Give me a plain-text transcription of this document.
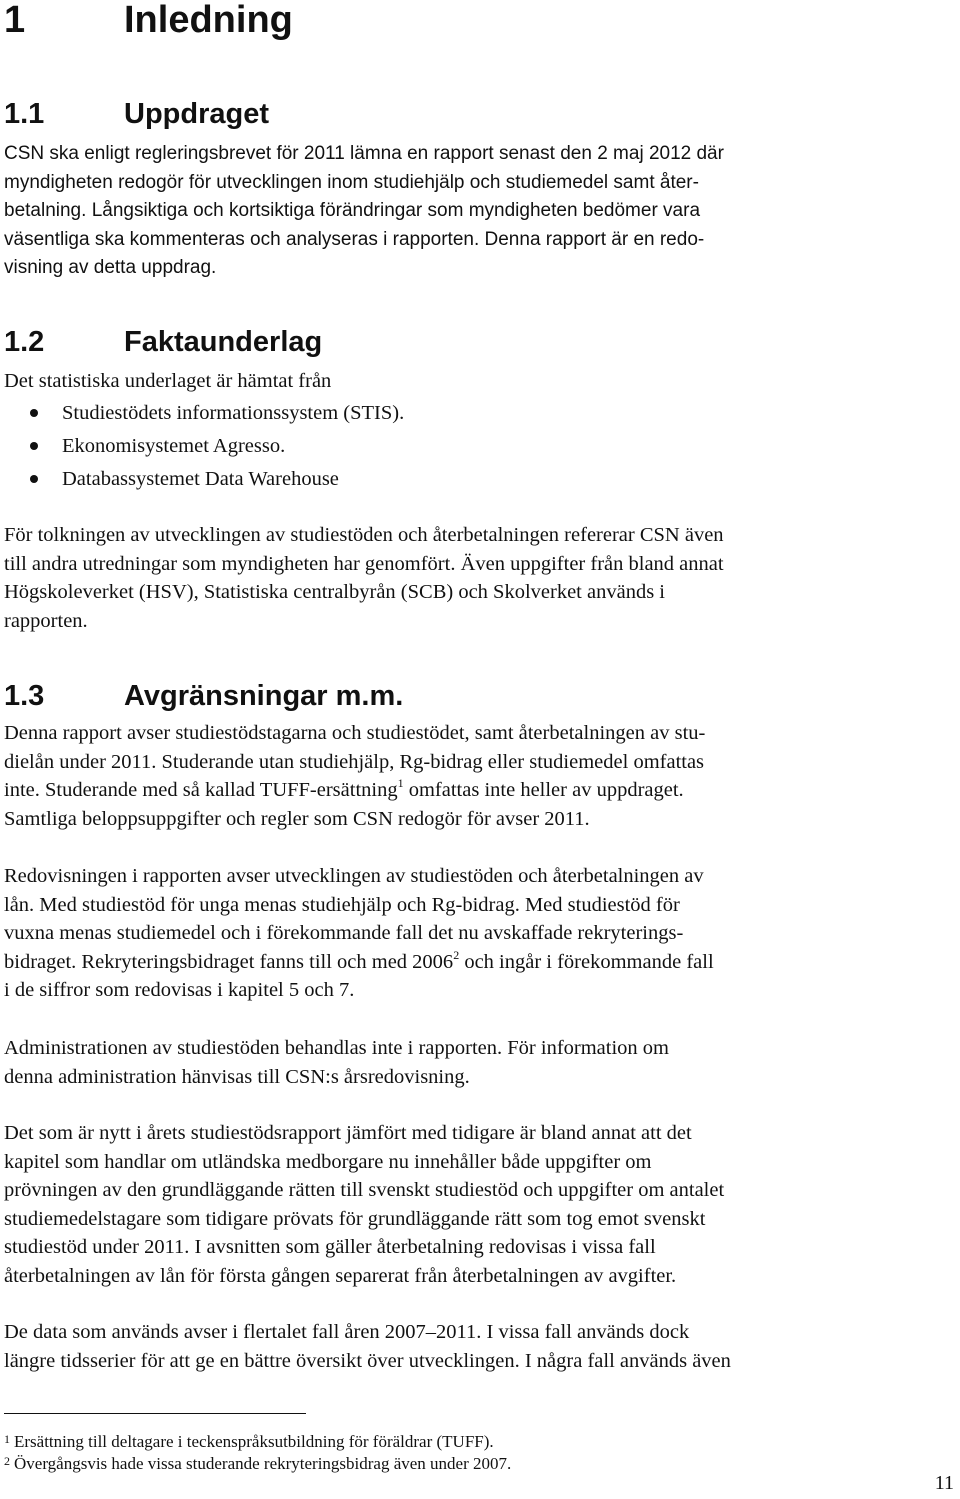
1	Inledning
1.1	Uppdraget
CSN ska enligt regleringsbrevet för 2011 lämna en rapport senast den 2 maj 2012 där
myndigheten redogör för utvecklingen inom studiehjälp och studiemedel samt åter-
betalning. Långsiktiga och kortsiktiga förändringar som myndigheten bedömer vara
väsentliga ska kommenteras och analyseras i rapporten. Denna rapport är en redo-
visning av detta uppdrag.
1.2	Faktaunderlag
Det statistiska underlaget är hämtat från
Studiestödets informationssystem (STIS).
Ekonomisystemet Agresso.
Databassystemet Data Warehouse
För tolkningen av utvecklingen av studiestöden och återbetalningen refererar CSN även
till andra utredningar som myndigheten har genomfört. Även uppgifter från bland annat
Högskoleverket (HSV), Statistiska centralbyrån (SCB) och Skolverket används i
rapporten.
1.3	Avgränsningar m.m.
Denna rapport avser studiestödstagarna och studiestödet, samt återbetalningen av stu-
dielån under 2011. Studerande utan studiehjälp, Rg-bidrag eller studiemedel omfattas
inte. Studerande med så kallad TUFF-ersättning$^1$ omfattas inte heller av uppdraget.
Samtliga beloppsuppgifter och regler som CSN redogör för avser 2011.
Redovisningen i rapporten avser utvecklingen av studiestöden och återbetalningen av
lån. Med studiestöd för unga menas studiehjälp och Rg-bidrag. Med studiestöd för
vuxna menas studiemedel och i förekommande fall det nu avskaffade rekryterings-
bidraget. Rekryteringsbidraget fanns till och med 2006$^2$ och ingår i förekommande fall
i de siffror som redovisas i kapitel 5 och 7.
Administrationen av studiestöden behandlas inte i rapporten. För information om
denna administration hänvisas till CSN:s årsredovisning.
Det som är nytt i årets studiestödsrapport jämfört med tidigare är bland annat att det
kapitel som handlar om utländska medborgare nu innehåller både uppgifter om
prövningen av den grundläggande rätten till svenskt studiestöd och uppgifter om antalet
studiemedelstagare som tidigare prövats för grundläggande rätt som tog emot svenskt
studiestöd under 2011. I avsnitten som gäller återbetalning redovisas i vissa fall
återbetalningen av lån för första gången separerat från återbetalningen av avgifter.
De data som används avser i flertalet fall åren 2007–2011. I vissa fall används dock
längre tidsserier för att ge en bättre översikt över utvecklingen. I några fall används även

$^1$ Ersättning till deltagare i teckenspråksutbildning för föräldrar (TUFF).

$^2$ Övergångsvis hade vissa studerande rekryteringsbidrag även under 2007.

11
